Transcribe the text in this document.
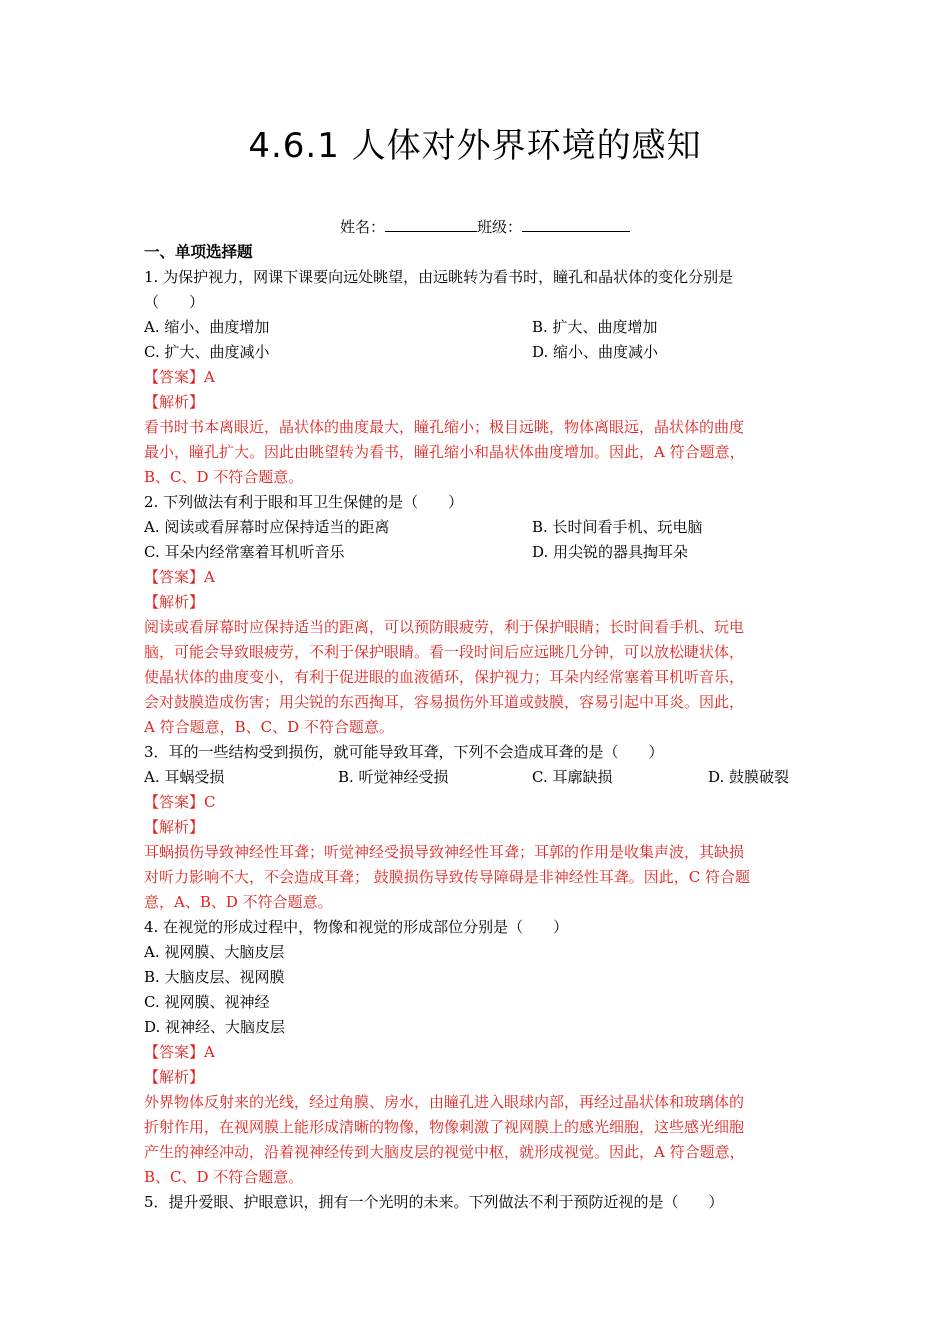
4.6.1 人体对外界环境的感知
姓名：	班级：
一、单项选择题
1. 为保护视力，网课下课要向远处眺望，由远眺转为看书时，瞳孔和晶状体的变化分别是
（　　）
A. 缩小、曲度增加	B. 扩大、曲度增加
C. 扩大、曲度减小	D. 缩小、曲度减小
【答案】A
【解析】
看书时书本离眼近，晶状体的曲度最大，瞳孔缩小；极目远眺，物体离眼远，晶状体的曲度
最小，瞳孔扩大。因此由眺望转为看书，瞳孔缩小和晶状体曲度增加。因此，A 符合题意，
B、C、D 不符合题意。
2. 下列做法有利于眼和耳卫生保健的是（　　）
A. 阅读或看屏幕时应保持适当的距离	B. 长时间看手机、玩电脑
C. 耳朵内经常塞着耳机听音乐	D. 用尖锐的器具掏耳朵
【答案】A
【解析】
阅读或看屏幕时应保持适当的距离，可以预防眼疲劳，利于保护眼睛；长时间看手机、玩电
脑，可能会导致眼疲劳，不利于保护眼睛。看一段时间后应远眺几分钟，可以放松睫状体，
使晶状体的曲度变小，有利于促进眼的血液循环，保护视力；耳朵内经常塞着耳机听音乐，
会对鼓膜造成伤害；用尖锐的东西掏耳，容易损伤外耳道或鼓膜，容易引起中耳炎。因此，
A 符合题意，B、C、D 不符合题意。
3．耳的一些结构受到损伤，就可能导致耳聋，下列不会造成耳聋的是（　　）
A. 耳蜗受损	B. 听觉神经受损	C. 耳廓缺损	D. 鼓膜破裂
【答案】C
【解析】
耳蜗损伤导致神经性耳聋；听觉神经受损导致神经性耳聋；耳郭的作用是收集声波，其缺损
对听力影响不大，不会造成耳聋； 鼓膜损伤导致传导障碍是非神经性耳聋。因此，C 符合题
意，A、B、D 不符合题意。
4. 在视觉的形成过程中，物像和视觉的形成部位分别是（　　）
A. 视网膜、大脑皮层
B. 大脑皮层、视网膜
C. 视网膜、视神经
D. 视神经、大脑皮层
【答案】A
【解析】
外界物体反射来的光线，经过角膜、房水，由瞳孔进入眼球内部，再经过晶状体和玻璃体的
折射作用，在视网膜上能形成清晰的物像，物像刺激了视网膜上的感光细胞，这些感光细胞
产生的神经冲动，沿着视神经传到大脑皮层的视觉中枢，就形成视觉。因此，A 符合题意，
B、C、D 不符合题意。
5．提升爱眼、护眼意识，拥有一个光明的未来。下列做法不利于预防近视的是（　　）
